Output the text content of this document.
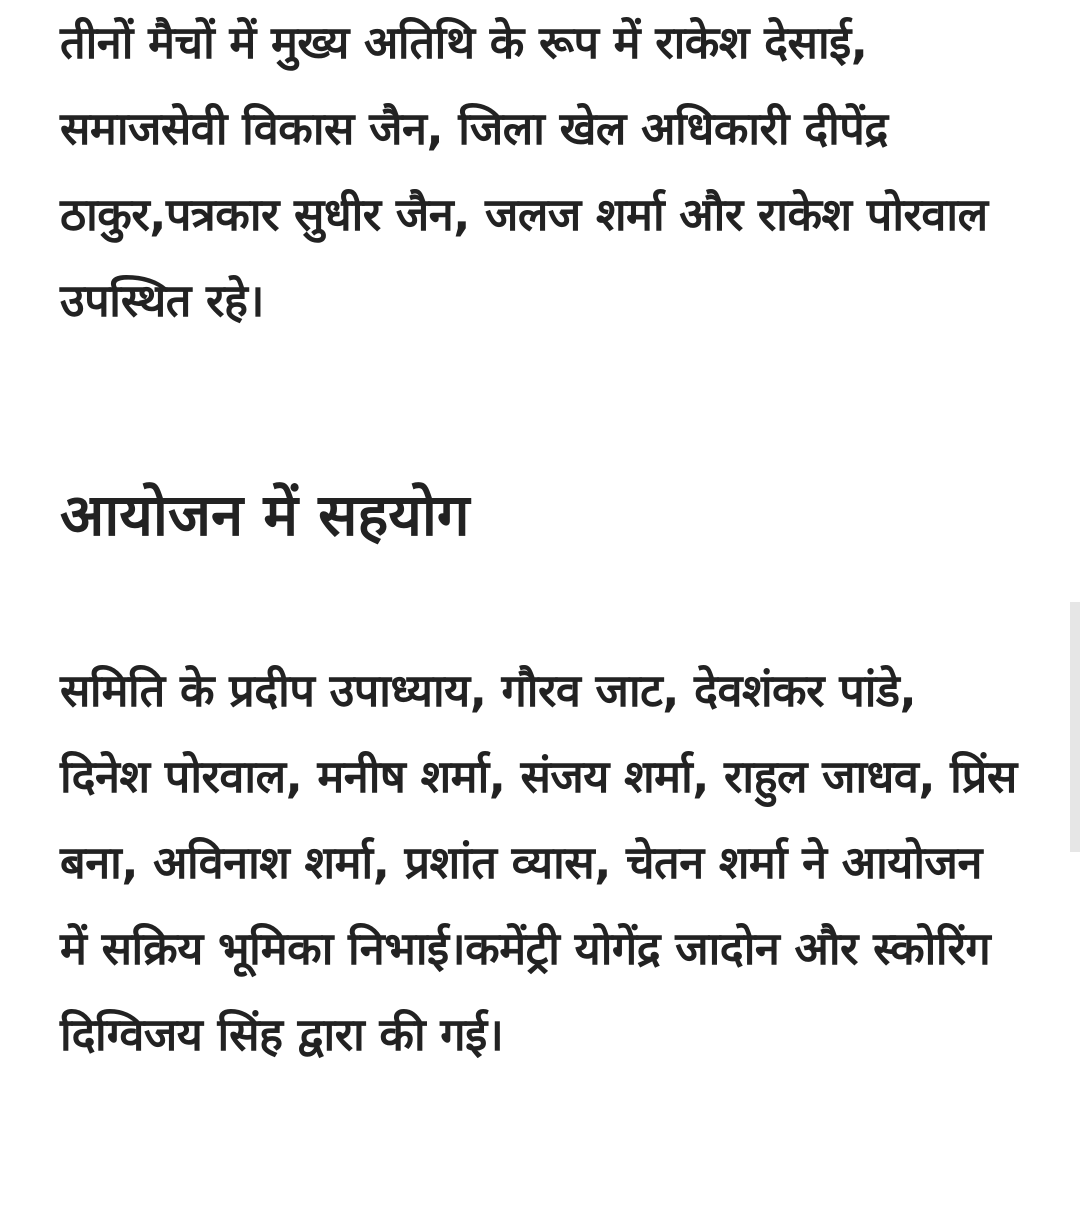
तीनों मैचों में मुख्य अतिथि के रूप में राकेश देसाई, समाजसेवी विकास जैन, जिला खेल अधिकारी दीपेंद्र ठाकुर,पत्रकार सुधीर जैन, जलज शर्मा और राकेश पोरवाल उपस्थित रहे।

आयोजन में सहयोग

समिति के प्रदीप उपाध्याय, गौरव जाट, देवशंकर पांडे, दिनेश पोरवाल, मनीष शर्मा, संजय शर्मा, राहुल जाधव, प्रिंस बना, अविनाश शर्मा, प्रशांत व्यास, चेतन शर्मा ने आयोजन में सक्रिय भूमिका निभाई।कमेंट्री योगेंद्र जादोन और स्कोरिंग दिग्विजय सिंह द्वारा की गई।
